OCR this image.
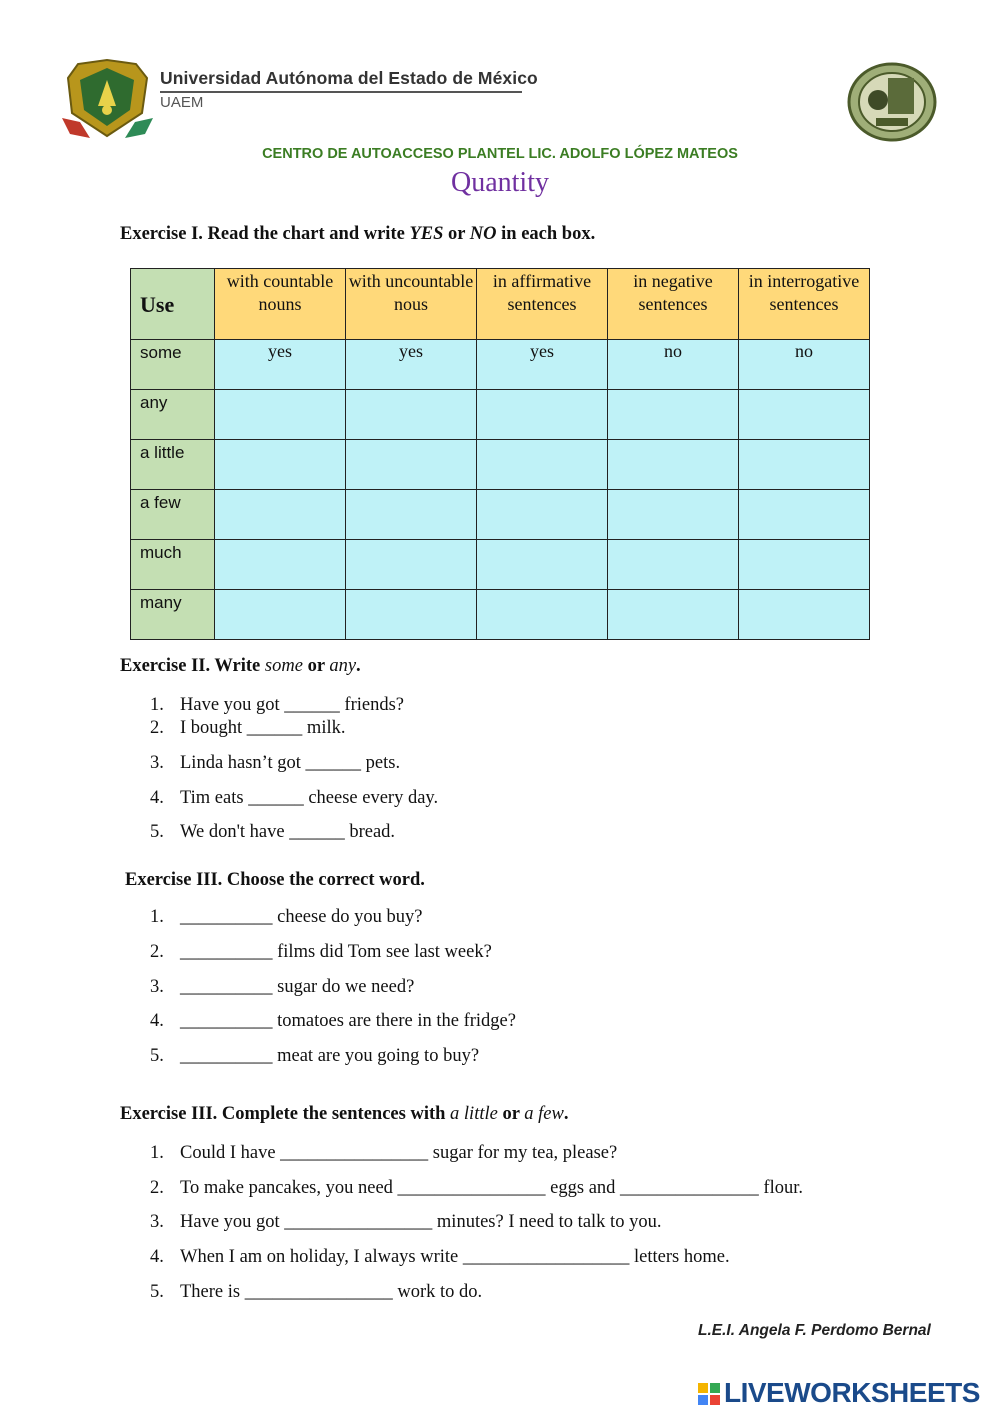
Universidad Autónoma del Estado de México
UAEM
CENTRO DE AUTOACCESO PLANTEL LIC. ADOLFO LÓPEZ MATEOS
Quantity
Exercise I. Read the chart and write YES or NO in each box.
Use	with countable nouns	with uncountable nous	in affirmative sentences	in negative sentences	in interrogative sentences
some	yes	yes	yes	no	no
any					
a little					
a few					
much					
many					
Exercise II. Write some or any.
1. Have you got ______ friends?
2. I bought ______ milk.
3. Linda hasn’t got ______ pets.
4. Tim eats ______ cheese every day.
5. We don't have ______ bread.
Exercise III. Choose the correct word.
1. __________ cheese do you buy?
2. __________ films did Tom see last week?
3. __________ sugar do we need?
4. __________ tomatoes are there in the fridge?
5. __________ meat are you going to buy?
Exercise III. Complete the sentences with a little or a few.
1. Could I have ________________ sugar for my tea, please?
2. To make pancakes, you need ________________ eggs and _______________ flour.
3. Have you got ________________ minutes? I need to talk to you.
4. When I am on holiday, I always write __________________ letters home.
5. There is ________________ work to do.
L.E.I. Angela F. Perdomo Bernal
LIVEWORKSHEETS
